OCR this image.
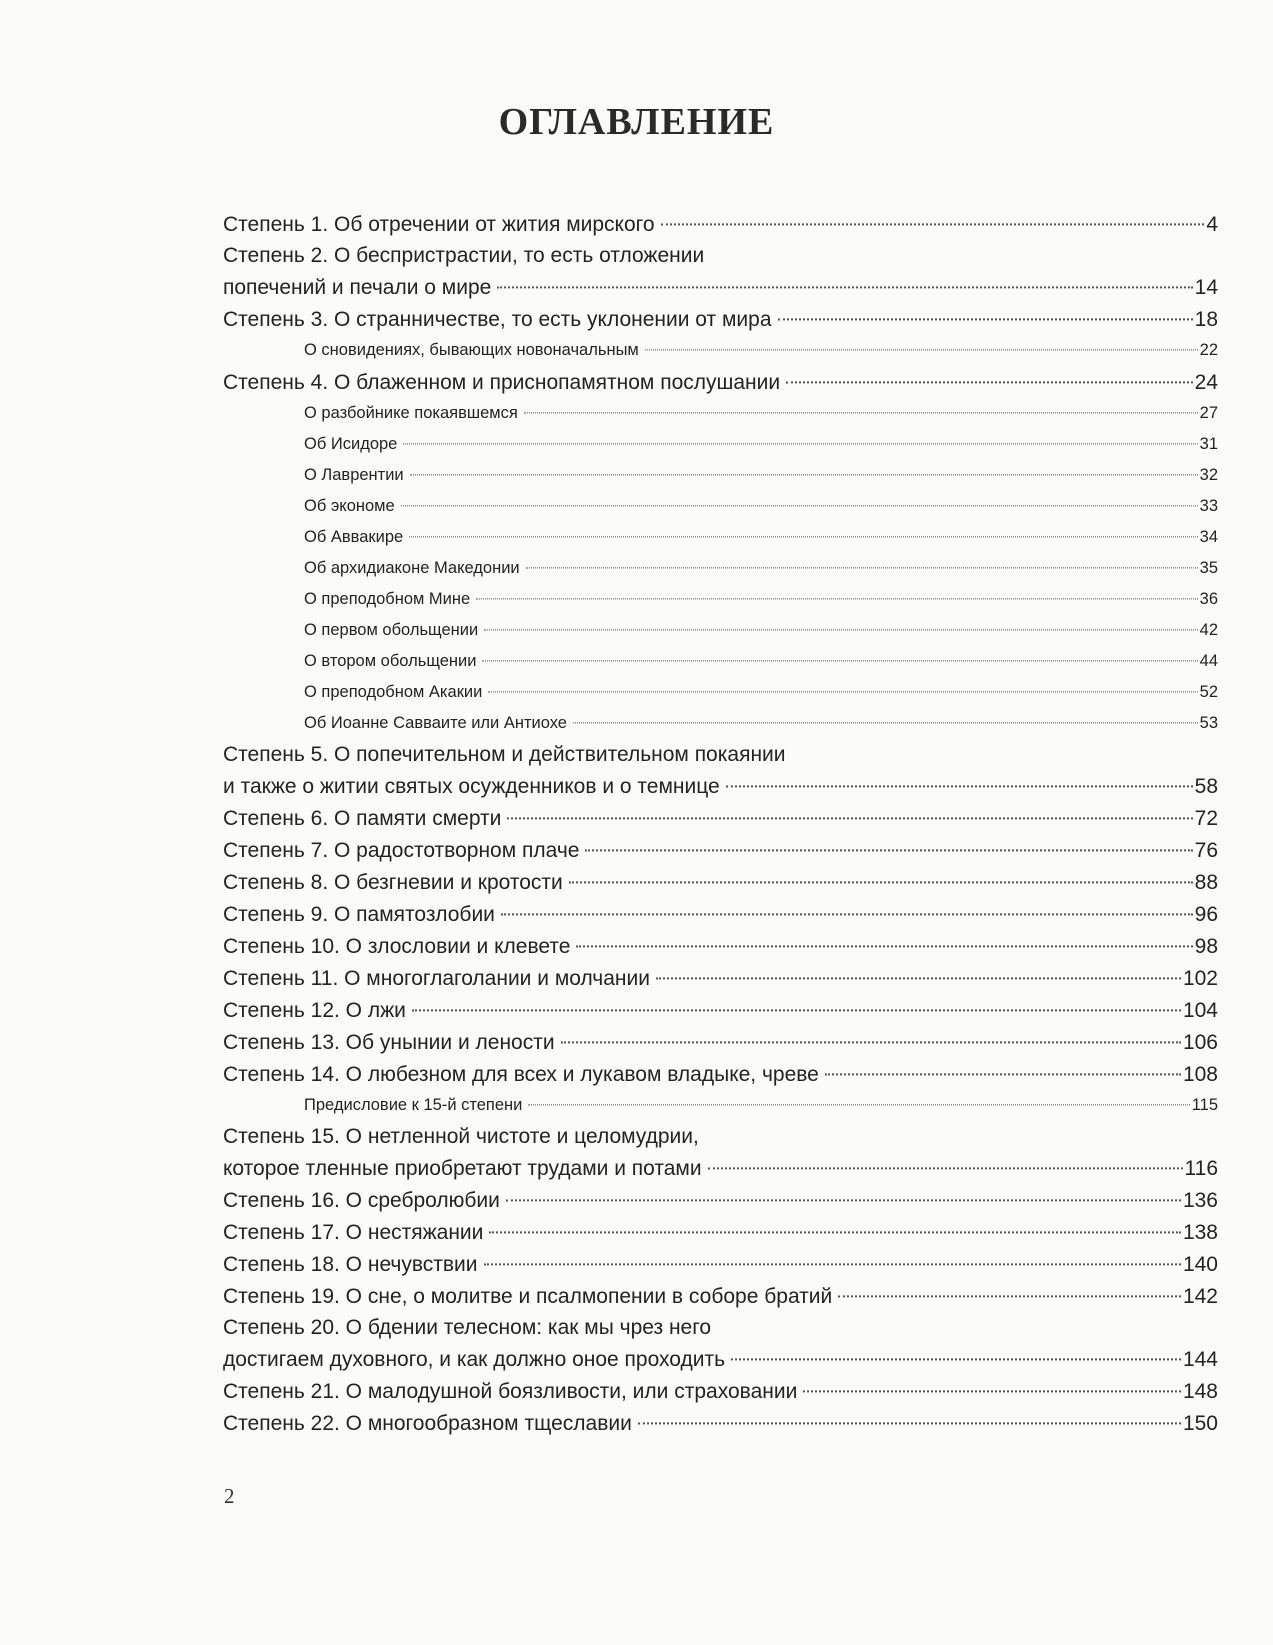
ОГЛАВЛЕНИЕ
Степень 1. Об отречении от жития мирского	4
Степень 2. О беспристрастии, то есть отложении
попечений и печали о мире	14
Степень 3. О странничестве, то есть уклонении от мира	18
О сновидениях, бывающих новоначальным	22
Степень 4. О блаженном и приснопамятном послушании	24
О разбойнике покаявшемся	27
Об Исидоре	31
О Лаврентии	32
Об экономе	33
Об Аввакире	34
Об архидиаконе Македонии	35
О преподобном Мине	36
О первом обольщении	42
О втором обольщении	44
О преподобном Акакии	52
Об Иоанне Савваите или Антиохе	53
Степень 5. О попечительном и действительном покаянии
и также о житии святых осужденников и о темнице	58
Степень 6. О памяти смерти	72
Степень 7. О радостотворном плаче	76
Степень 8. О безгневии и кротости	88
Степень 9. О памятозлобии	96
Степень 10. О злословии и клевете	98
Степень 11. О многоглаголании и молчании	102
Степень 12. О лжи	104
Степень 13. Об унынии и лености	106
Степень 14. О любезном для всех и лукавом владыке, чреве	108
Предисловие к 15-й степени	115
Степень 15. О нетленной чистоте и целомудрии,
которое тленные приобретают трудами и потами	116
Степень 16. О сребролюбии	136
Степень 17. О нестяжании	138
Степень 18. О нечувствии	140
Степень 19. О сне, о молитве и псалмопении в соборе братий	142
Степень 20. О бдении телесном: как мы чрез него
достигаем духовного, и как должно оное проходить	144
Степень 21. О малодушной боязливости, или страховании	148
Степень 22. О многообразном тщеславии	150
2
